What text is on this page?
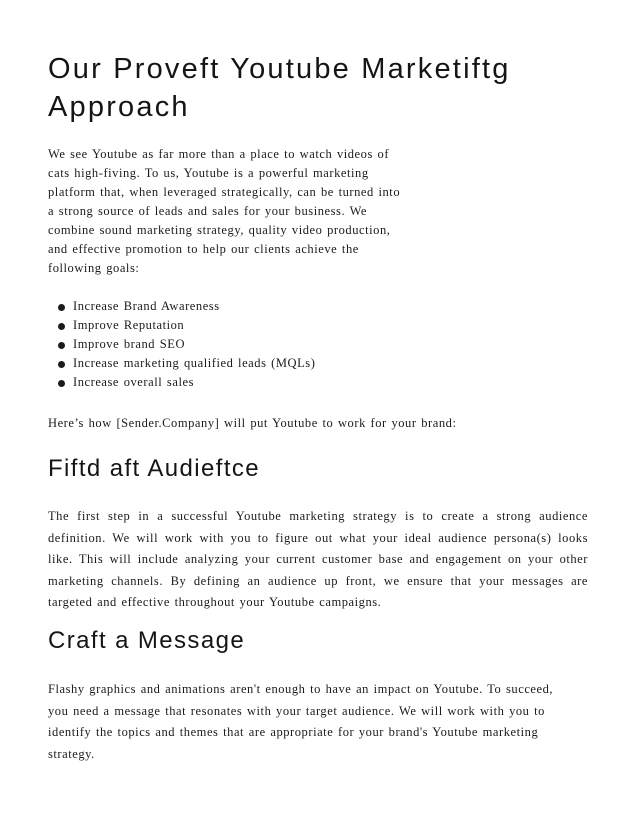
Our Proveft Youtube Marketiftg Approach

We see Youtube as far more than a place to watch videos of cats high-fiving. To us, Youtube is a powerful marketing platform that, when leveraged strategically, can be turned into a strong source of leads and sales for your business. We combine sound marketing strategy, quality video production, and effective promotion to help our clients achieve the following goals:

Increase Brand Awareness
Improve Reputation
Improve brand SEO
Increase marketing qualified leads (MQLs)
Increase overall sales

Here’s how [Sender.Company] will put Youtube to work for your brand:

Fiftd aft Audieftce

The first step in a successful Youtube marketing strategy is to create a strong audience definition. We will work with you to figure out what your ideal audience persona(s) looks like. This will include analyzing your current customer base and engagement on your other marketing channels. By defining an audience up front, we ensure that your messages are targeted and effective throughout your Youtube campaigns.

Craft a Message

Flashy graphics and animations aren't enough to have an impact on Youtube. To succeed, you need a message that resonates with your target audience. We will work with you to identify the topics and themes that are appropriate for your brand's Youtube marketing strategy.
